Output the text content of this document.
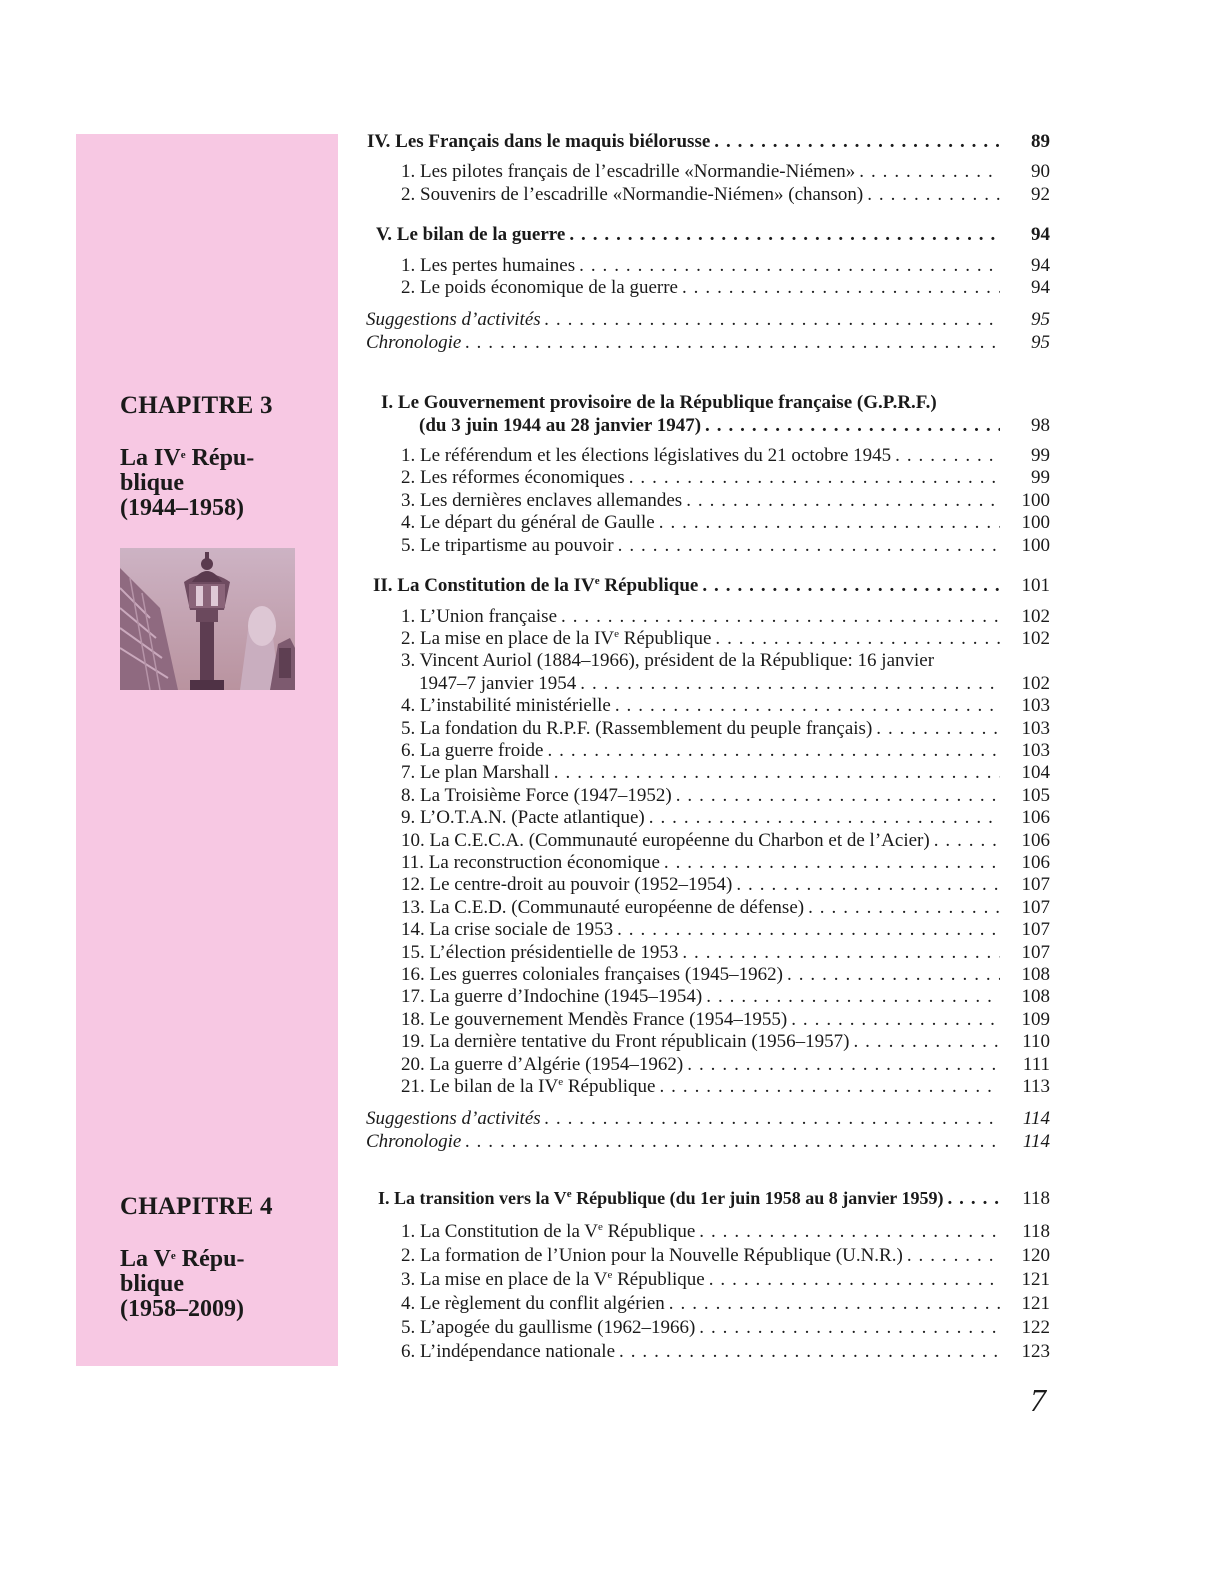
CHAPITRE 3
La IVe Répu-
blique
(1944–1958)
CHAPITRE 4
La Ve Répu-
blique
(1958–2009)
IV. Les Français dans le maquis biélorusse . . .	89
1. Les pilotes français de l’escadrille «Normandie-Niémen» . . .	90
2. Souvenirs de l’escadrille «Normandie-Niémen» (chanson) . . .	92
V. Le bilan de la guerre . . .	94
1. Les pertes humaines . . .	94
2. Le poids économique de la guerre . . .	94
Suggestions d’activités . . .	95
Chronologie . . .	95
I. Le Gouvernement provisoire de la République française (G.P.R.F.)
(du 3 juin 1944 au 28 janvier 1947) . . .	98
1. Le référendum et les élections législatives du 21 octobre 1945 . . .	99
2. Les réformes économiques . . .	99
3. Les dernières enclaves allemandes . . .	100
4. Le départ du général de Gaulle . . .	100
5. Le tripartisme au pouvoir . . .	100
II. La Constitution de la IVe République . . .	101
1. L’Union française . . .	102
2. La mise en place de la IVe République . . .	102
3. Vincent Auriol (1884–1966), président de la République: 16 janvier
1947–7 janvier 1954 . . .	102
4. L’instabilité ministérielle . . .	103
5. La fondation du R.P.F. (Rassemblement du peuple français) . . .	103
6. La guerre froide . . .	103
7. Le plan Marshall . . .	104
8. La Troisième Force (1947–1952) . . .	105
9. L’O.T.A.N. (Pacte atlantique) . . .	106
10. La C.E.C.A. (Communauté européenne du Charbon et de l’Acier) . . .	106
11. La reconstruction économique . . .	106
12. Le centre-droit au pouvoir (1952–1954) . . .	107
13. La C.E.D. (Communauté européenne de défense) . . .	107
14. La crise sociale de 1953 . . .	107
15. L’élection présidentielle de 1953 . . .	107
16. Les guerres coloniales françaises (1945–1962) . . .	108
17. La guerre d’Indochine (1945–1954) . . .	108
18. Le gouvernement Mendès France (1954–1955) . . .	109
19. La dernière tentative du Front républicain (1956–1957) . . .	110
20. La guerre d’Algérie (1954–1962) . . .	111
21. Le bilan de la IVe République . . .	113
Suggestions d’activités . . .	114
Chronologie . . .	114
I. La transition vers la Ve République (du 1er juin 1958 au 8 janvier 1959) . . .	118
1. La Constitution de la Ve République . . .	118
2. La formation de l’Union pour la Nouvelle République (U.N.R.) . . .	120
3. La mise en place de la Ve République . . .	121
4. Le règlement du conflit algérien . . .	121
5. L’apogée du gaullisme (1962–1966) . . .	122
6. L’indépendance nationale . . .	123
7
